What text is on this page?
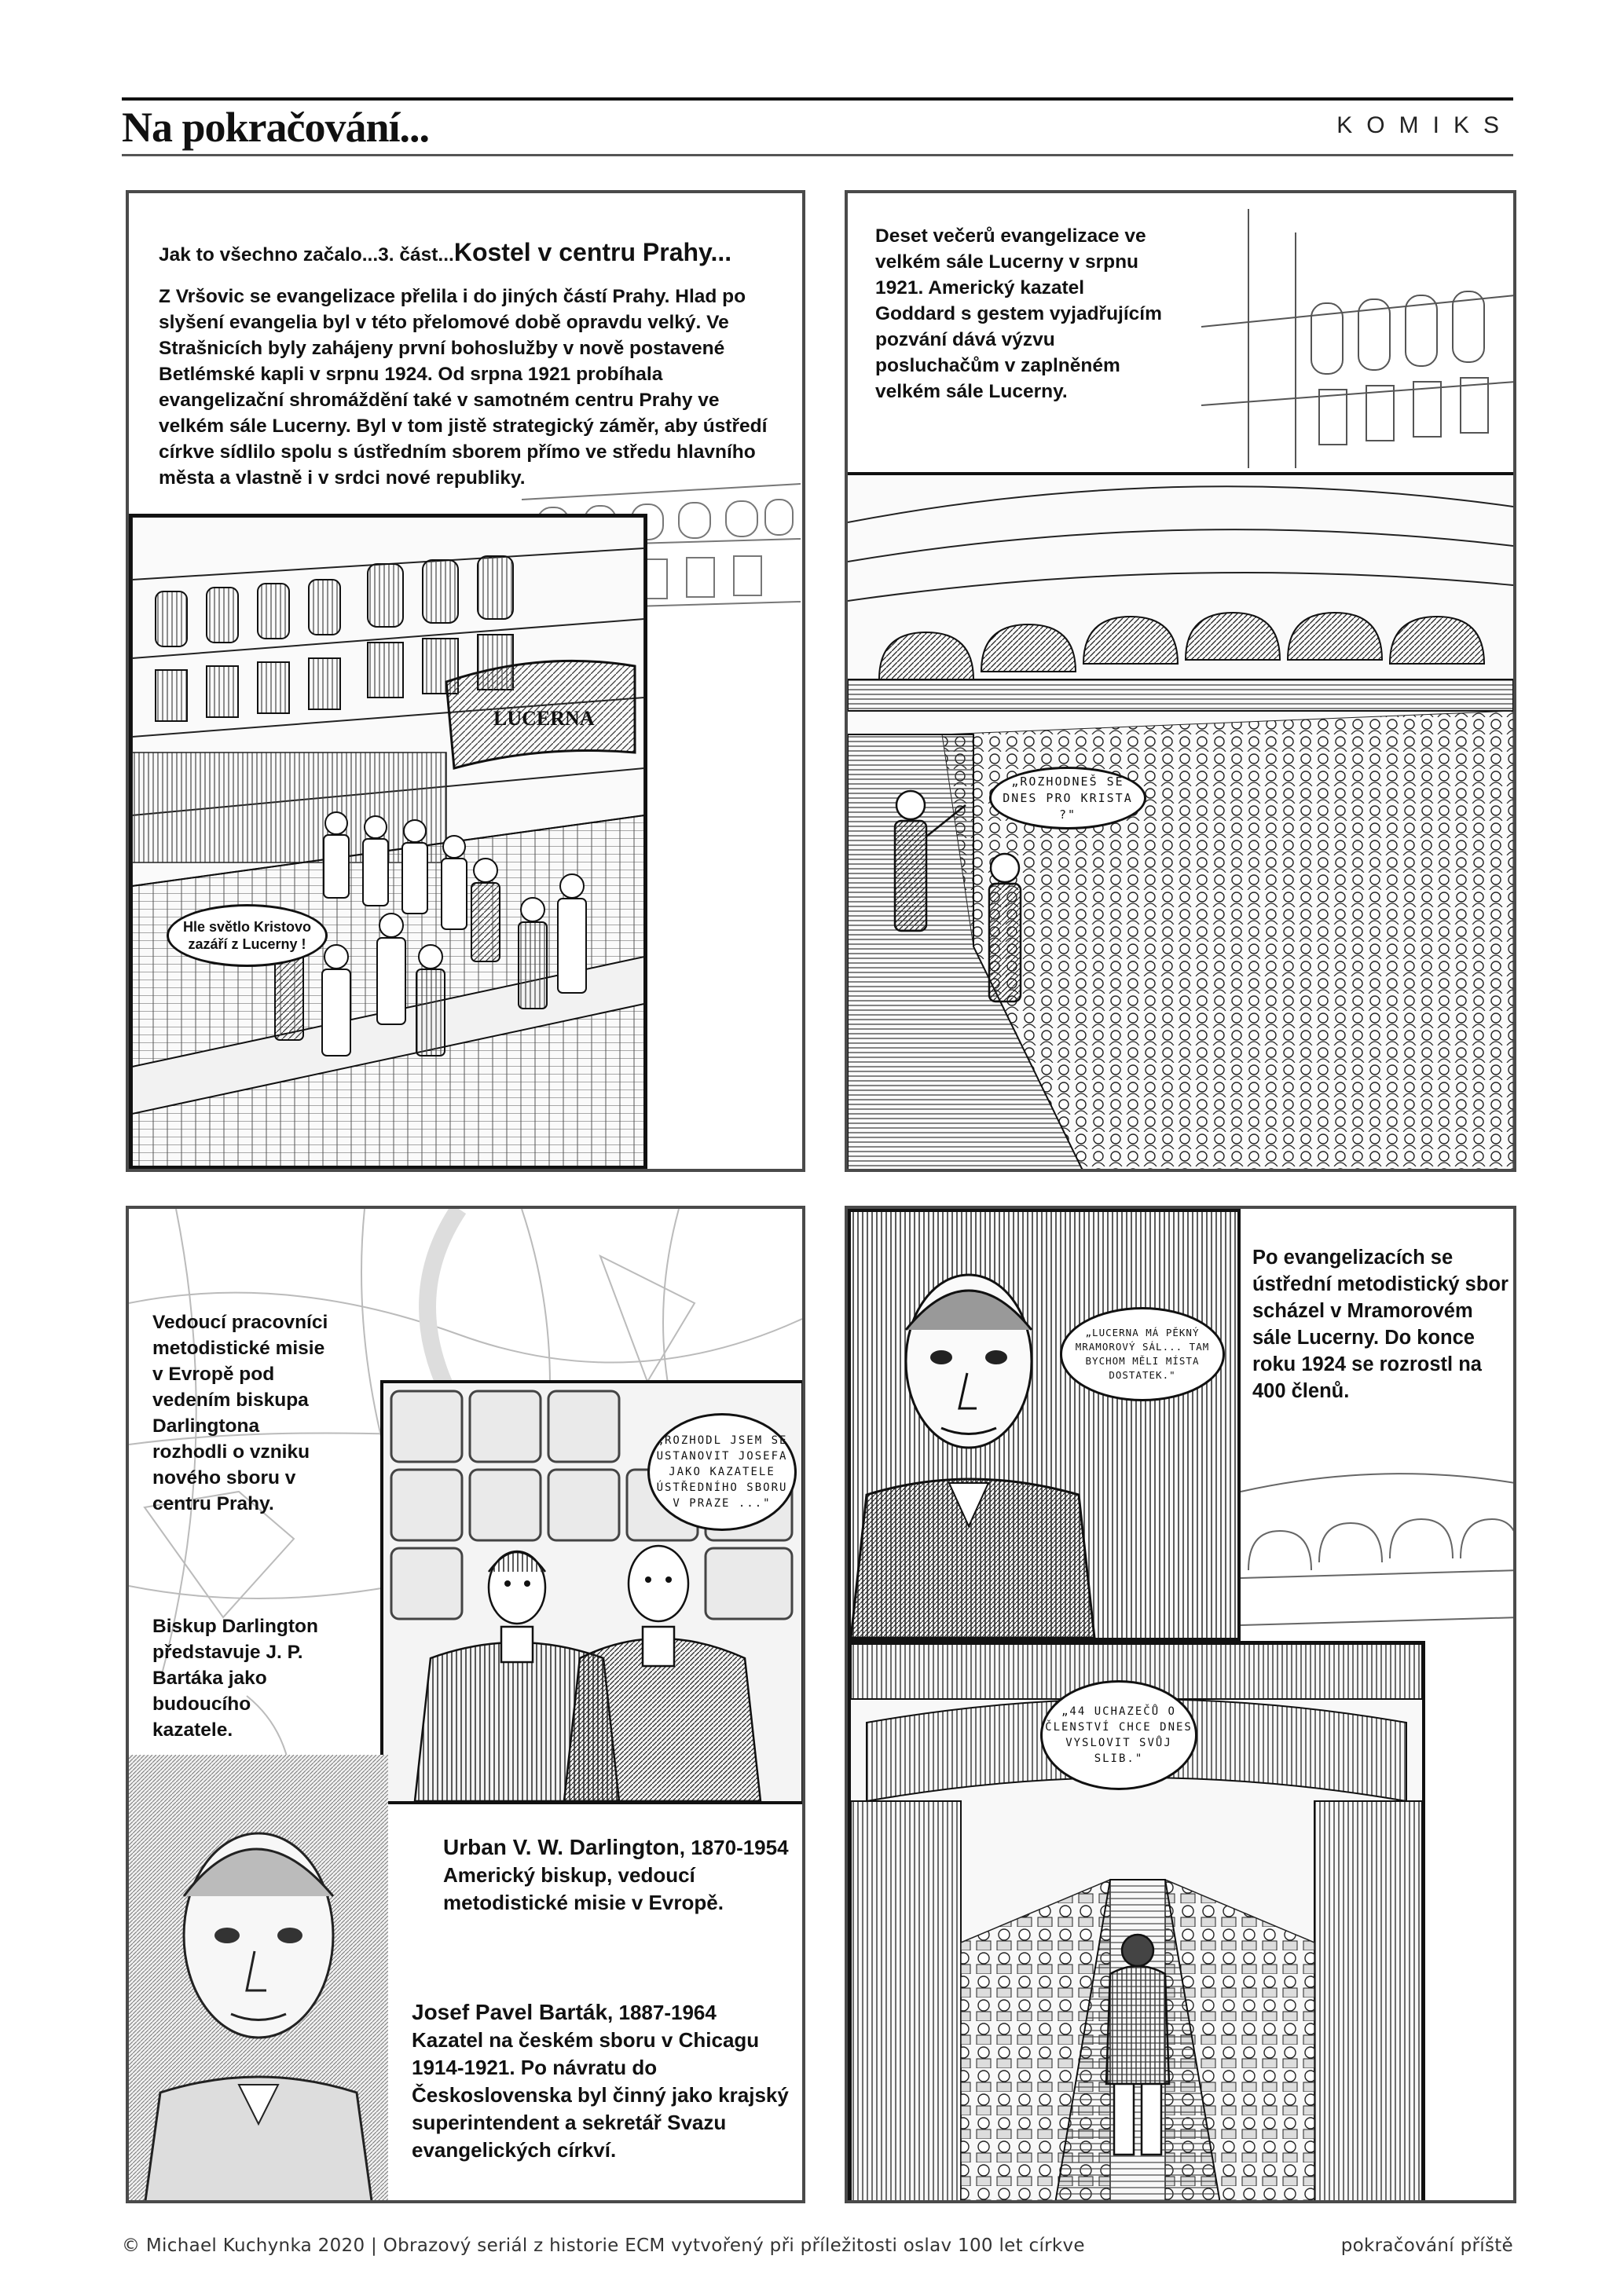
Na pokračování...	KOMIKS
Jak to všechno začalo...3. část...Kostel v centru Prahy...
Z Vršovic se evangelizace přelila i do jiných částí Prahy. Hlad po slyšení evangelia byl v této přelomové době opravdu velký. Ve Strašnicích byly zahájeny první bohoslužby v nově postavené Betlémské kapli v srpnu 1924. Od srpna 1921 probíhala evangelizační shromáždění také v samotném centru Prahy ve velkém sále Lucerny. Byl v tom jistě strategický záměr, aby ústředí církve sídlilo spolu s ústředním sborem přímo ve středu hlavního města a vlastně i v srdci nové republiky.
LUCERNA
Hle světlo Kristovo zazáří z Lucerny !
Deset večerů evangelizace ve velkém sále Lucerny v srpnu 1921. Americký kazatel Goddard s gestem vyjadřujícím pozvání dává výzvu posluchačům v zaplněném velkém sále Lucerny.
„ROZHODNEŠ SE DNES PRO KRISTA ?"
Vedoucí pracovníci metodistické misie v Evropě pod vedením biskupa Darlingtona rozhodli o vzniku nového sboru v centru Prahy.
Biskup Darlington představuje J. P. Bartáka jako budoucího kazatele.
„ROZHODL JSEM SE USTANOVIT JOSEFA JAKO KAZATELE ÚSTŘEDNÍHO SBORU V PRAZE ..."
Urban V. W. Darlington, 1870-1954
Americký biskup, vedoucí metodistické misie v Evropě.
Josef Pavel Barták, 1887-1964
Kazatel na českém sboru v Chicagu 1914-1921. Po návratu do Československa byl činný jako krajský superintendent a sekretář Svazu evangelických církví.
„LUCERNA MÁ PĚKNÝ MRAMOROVÝ SÁL... TAM BYCHOM MĚLI MÍSTA DOSTATEK."
Po evangelizacích se ústřední metodistický sbor scházel v Mramorovém sále Lucerny. Do konce roku 1924 se rozrostl na 400 členů.
„44 UCHAZEČŮ O ČLENSTVÍ CHCE DNES VYSLOVIT SVŮJ SLIB."
© Michael Kuchynka 2020 | Obrazový seriál z historie ECM vytvořený při příležitosti oslav 100 let církve	pokračování příště
